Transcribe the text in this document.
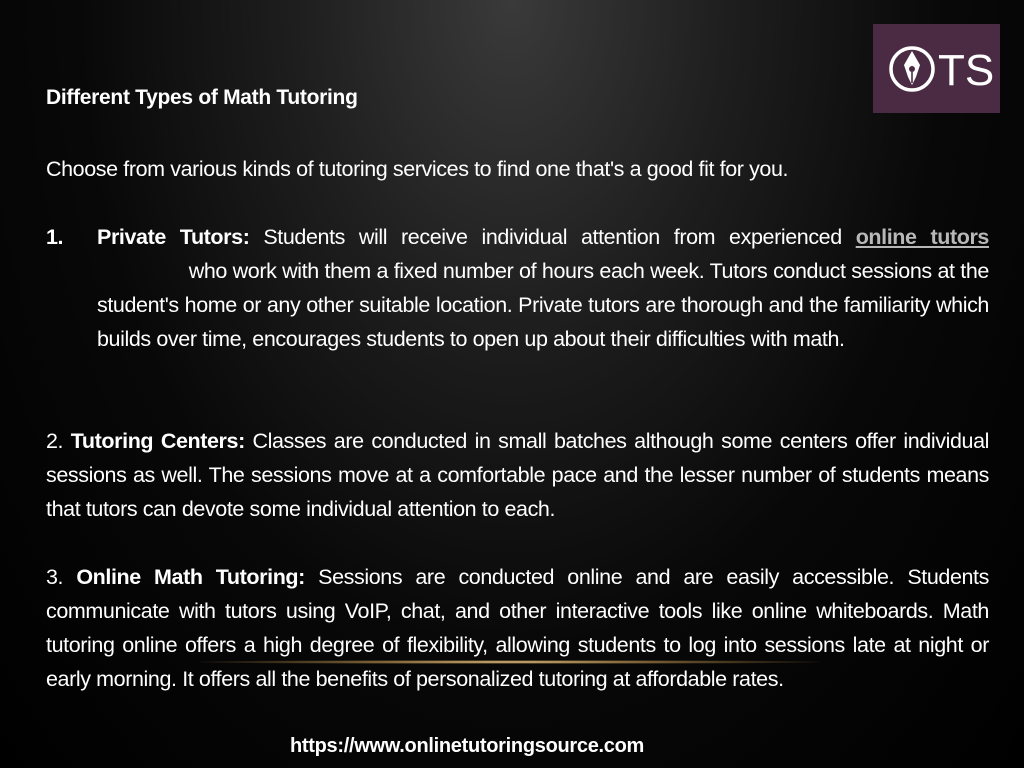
Different Types of Math Tutoring
TS

Choose from various kinds of tutoring services to find one that's a good fit for you.

1. Private Tutors: Students will receive individual attention from experienced online tutors who work with them a fixed number of hours each week. Tutors conduct sessions at the student's home or any other suitable location. Private tutors are thorough and the familiarity which builds over time, encourages students to open up about their difficulties with math.

2. Tutoring Centers: Classes are conducted in small batches although some centers offer individual sessions as well. The sessions move at a comfortable pace and the lesser number of students means that tutors can devote some individual attention to each.

3. Online Math Tutoring: Sessions are conducted online and are easily accessible. Students communicate with tutors using VoIP, chat, and other interactive tools like online whiteboards. Math tutoring online offers a high degree of flexibility, allowing students to log into sessions late at night or early morning. It offers all the benefits of personalized tutoring at affordable rates.

https://www.onlinetutoringsource.com
